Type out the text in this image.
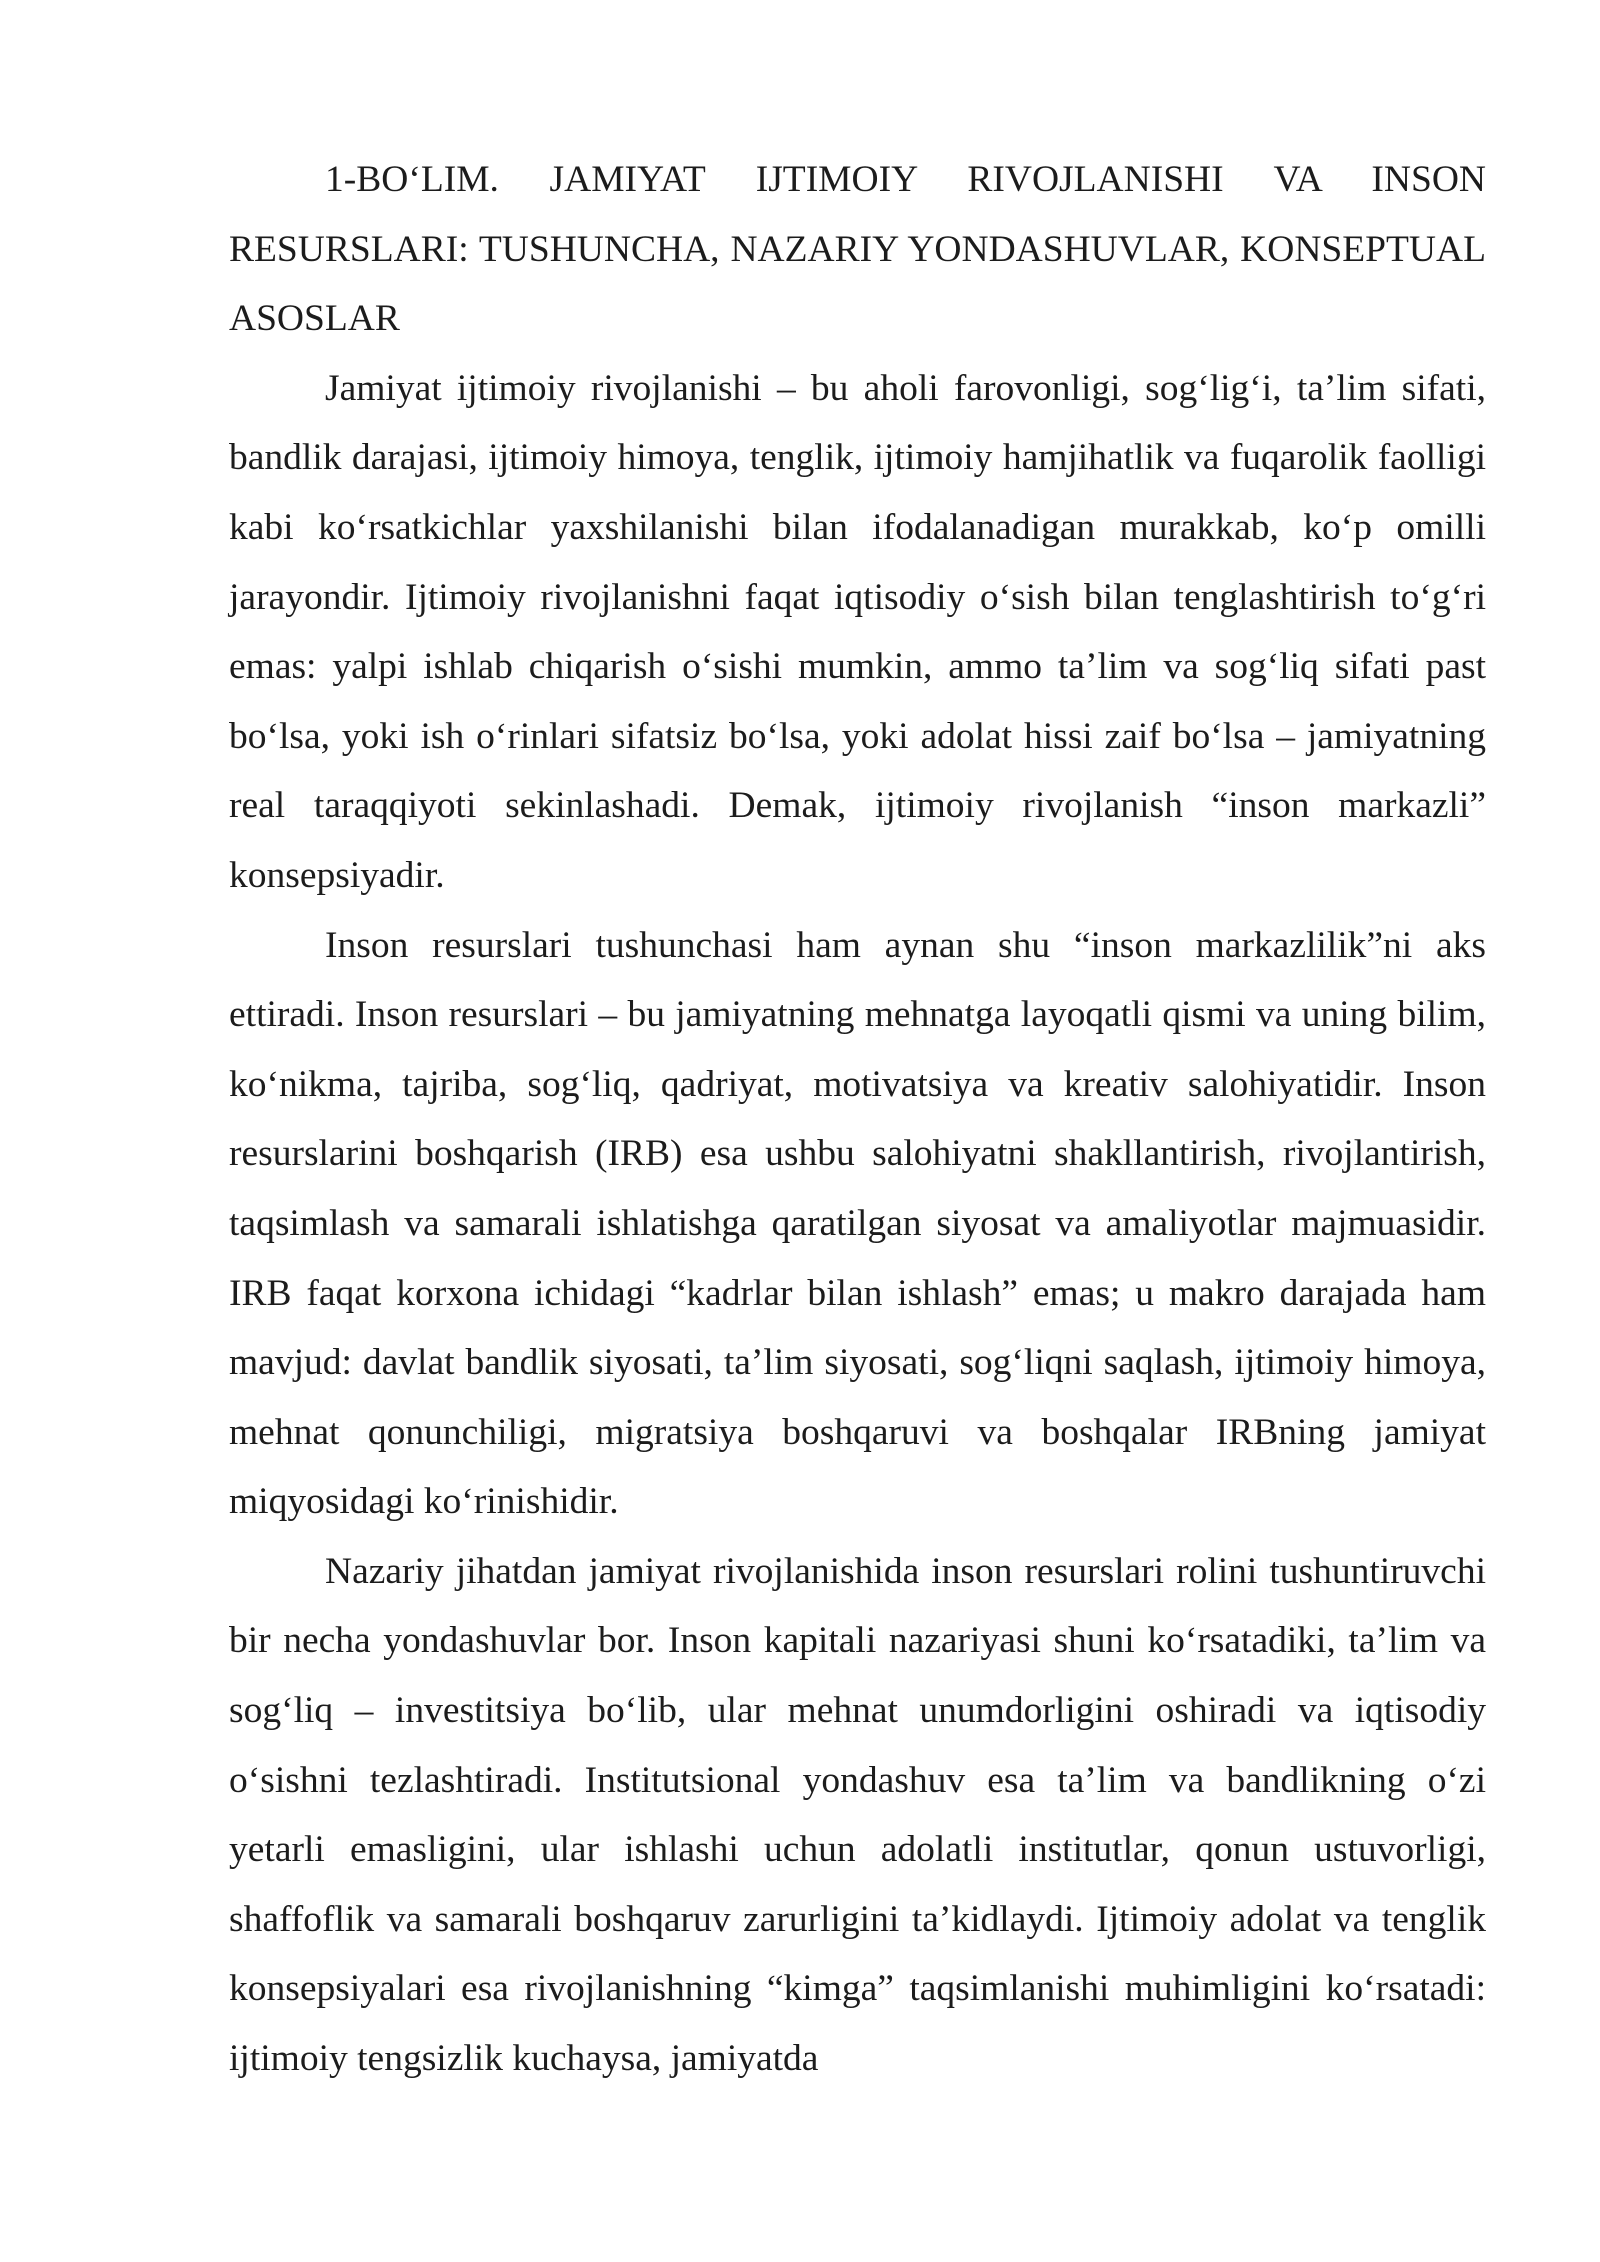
1-BO‘LIM. JAMIYAT IJTIMOIY RIVOJLANISHI VA INSON RESURSLARI: TUSHUNCHA, NAZARIY YONDASHUVLAR, KONSEPTUAL ASOSLAR

Jamiyat ijtimoiy rivojlanishi – bu aholi farovonligi, sog‘lig‘i, ta’lim sifati, bandlik darajasi, ijtimoiy himoya, tenglik, ijtimoiy hamjihatlik va fuqarolik faolligi kabi ko‘rsatkichlar yaxshilanishi bilan ifodalanadigan murakkab, ko‘p omilli jarayondir. Ijtimoiy rivojlanishni faqat iqtisodiy o‘sish bilan tenglashtirish to‘g‘ri emas: yalpi ishlab chiqarish o‘sishi mumkin, ammo ta’lim va sog‘liq sifati past bo‘lsa, yoki ish o‘rinlari sifatsiz bo‘lsa, yoki adolat hissi zaif bo‘lsa – jamiyatning real taraqqiyoti sekinlashadi. Demak, ijtimoiy rivojlanish “inson markazli” konsepsiyadir.

Inson resurslari tushunchasi ham aynan shu “inson markazlilik”ni aks ettiradi. Inson resurslari – bu jamiyatning mehnatga layoqatli qismi va uning bilim, ko‘nikma, tajriba, sog‘liq, qadriyat, motivatsiya va kreativ salohiyatidir. Inson resurslarini boshqarish (IRB) esa ushbu salohiyatni shakllantirish, rivojlantirish, taqsimlash va samarali ishlatishga qaratilgan siyosat va amaliyotlar majmuasidir. IRB faqat korxona ichidagi “kadrlar bilan ishlash” emas; u makro darajada ham mavjud: davlat bandlik siyosati, ta’lim siyosati, sog‘liqni saqlash, ijtimoiy himoya, mehnat qonunchiligi, migratsiya boshqaruvi va boshqalar IRBning jamiyat miqyosidagi ko‘rinishidir.

Nazariy jihatdan jamiyat rivojlanishida inson resurslari rolini tushuntiruvchi bir necha yondashuvlar bor. Inson kapitali nazariyasi shuni ko‘rsatadiki, ta’lim va sog‘liq – investitsiya bo‘lib, ular mehnat unumdorligini oshiradi va iqtisodiy o‘sishni tezlashtiradi. Institutsional yondashuv esa ta’lim va bandlikning o‘zi yetarli emasligini, ular ishlashi uchun adolatli institutlar, qonun ustuvorligi, shaffoflik va samarali boshqaruv zarurligini ta’kidlaydi. Ijtimoiy adolat va tenglik konsepsiyalari esa rivojlanishning “kimga” taqsimlanishi muhimligini ko‘rsatadi: ijtimoiy tengsizlik kuchaysa, jamiyatda
